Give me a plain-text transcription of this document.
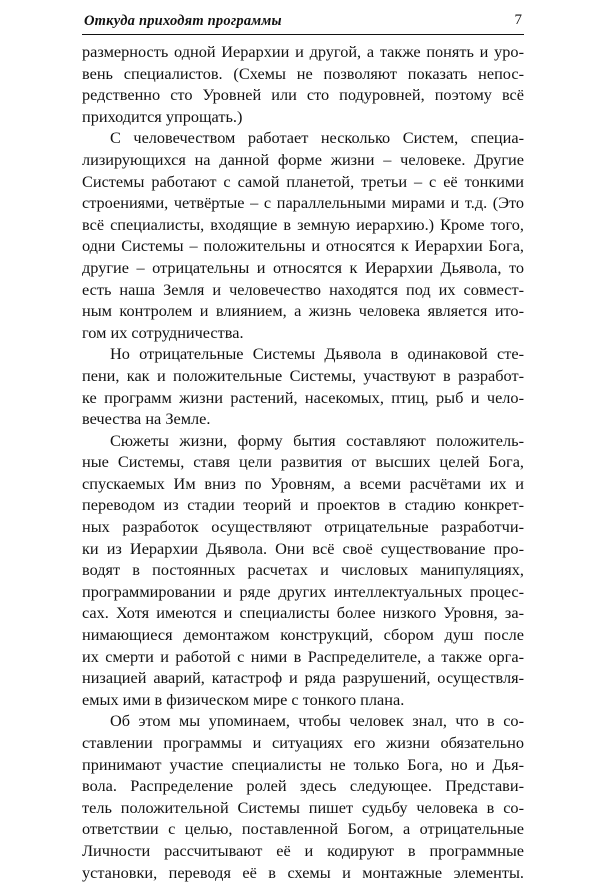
Откуда приходят программы	7

размерность одной Иерархии и другой, а также понять и уро-
вень специалистов. (Схемы не позволяют показать непос-
редственно сто Уровней или сто подуровней, поэтому всё
приходится упрощать.)

С человечеством работает несколько Систем, специа-
лизирующихся на данной форме жизни – человеке. Другие
Системы работают с самой планетой, третьи – с её тонкими
строениями, четвёртые – с параллельными мирами и т.д. (Это
всё специалисты, входящие в земную иерархию.) Кроме того,
одни Системы – положительны и относятся к Иерархии Бога,
другие – отрицательны и относятся к Иерархии Дьявола, то
есть наша Земля и человечество находятся под их совмест-
ным контролем и влиянием, а жизнь человека является ито-
гом их сотрудничества.

Но отрицательные Системы Дьявола в одинаковой сте-
пени, как и положительные Системы, участвуют в разработ-
ке программ жизни растений, насекомых, птиц, рыб и чело-
вечества на Земле.

Сюжеты жизни, форму бытия составляют положитель-
ные Системы, ставя цели развития от высших целей Бога,
спускаемых Им вниз по Уровням, а всеми расчётами их и
переводом из стадии теорий и проектов в стадию конкрет-
ных разработок осуществляют отрицательные разработчи-
ки из Иерархии Дьявола. Они всё своё существование про-
водят в постоянных расчетах и числовых манипуляциях,
программировании и ряде других интеллектуальных процес-
сах. Хотя имеются и специалисты более низкого Уровня, за-
нимающиеся демонтажом конструкций, сбором душ после
их смерти и работой с ними в Распределителе, а также орга-
низацией аварий, катастроф и ряда разрушений, осуществля-
емых ими в физическом мире с тонкого плана.

Об этом мы упоминаем, чтобы человек знал, что в со-
ставлении программы и ситуациях его жизни обязательно
принимают участие специалисты не только Бога, но и Дья-
вола. Распределение ролей здесь следующее. Представи-
тель положительной Системы пишет судьбу человека в со-
ответствии с целью, поставленной Богом, а отрицательные
Личности рассчитывают её и кодируют в программные
установки, переводя её в схемы и монтажные элементы.
